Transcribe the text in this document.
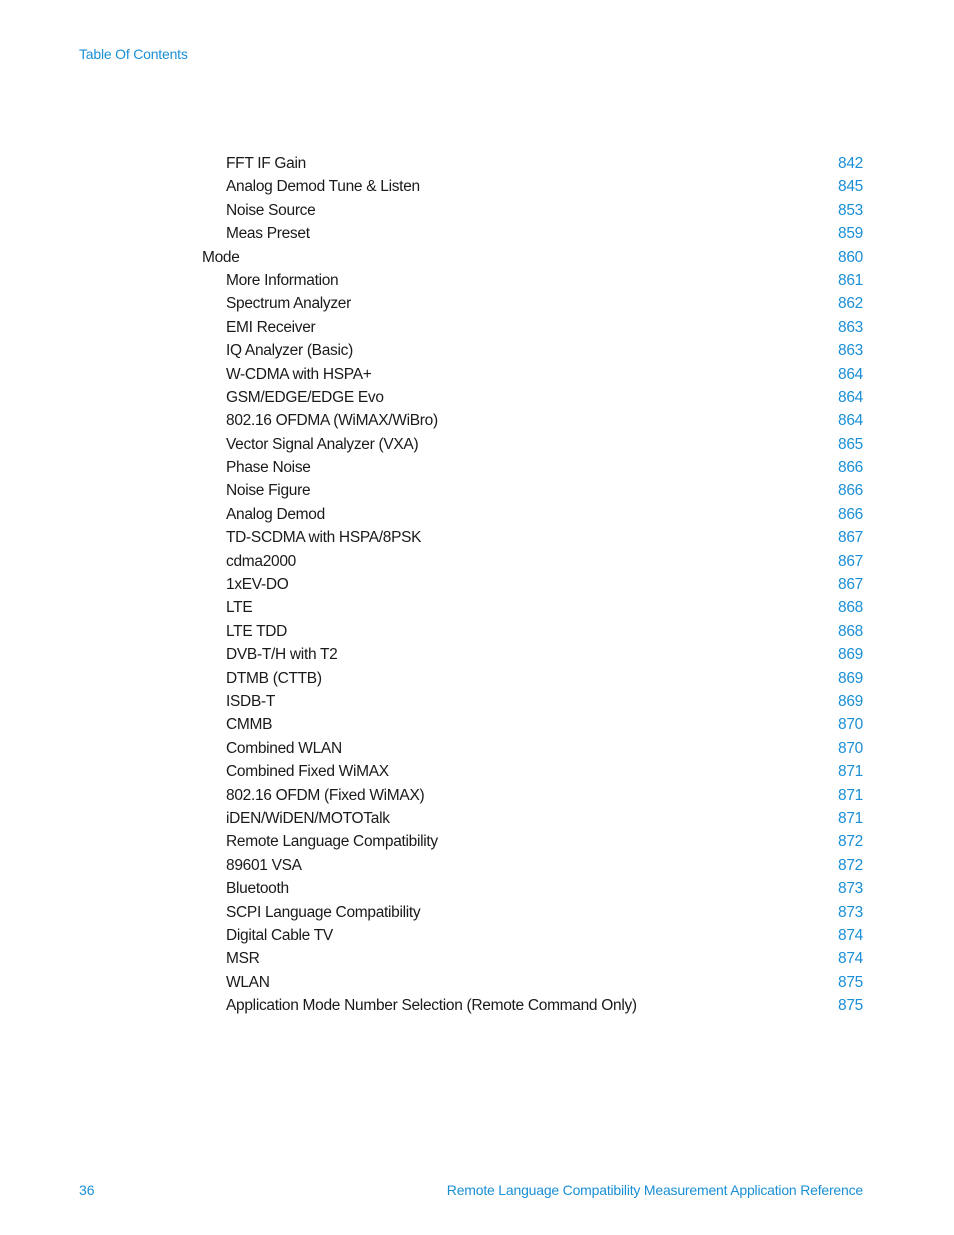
Table Of Contents
FFT IF Gain	842
Analog Demod Tune & Listen	845
Noise Source	853
Meas Preset	859
Mode	860
More Information	861
Spectrum Analyzer	862
EMI Receiver	863
IQ Analyzer (Basic)	863
W-CDMA with HSPA+	864
GSM/EDGE/EDGE Evo	864
802.16 OFDMA (WiMAX/WiBro)	864
Vector Signal Analyzer (VXA)	865
Phase Noise	866
Noise Figure	866
Analog Demod	866
TD-SCDMA with HSPA/8PSK	867
cdma2000	867
1xEV-DO	867
LTE	868
LTE TDD	868
DVB-T/H with T2	869
DTMB (CTTB)	869
ISDB-T	869
CMMB	870
Combined WLAN	870
Combined Fixed WiMAX	871
802.16 OFDM (Fixed WiMAX)	871
iDEN/WiDEN/MOTOTalk	871
Remote Language Compatibility	872
89601 VSA	872
Bluetooth	873
SCPI Language Compatibility	873
Digital Cable TV	874
MSR	874
WLAN	875
Application Mode Number Selection (Remote Command Only)	875
36	Remote Language Compatibility Measurement Application Reference
